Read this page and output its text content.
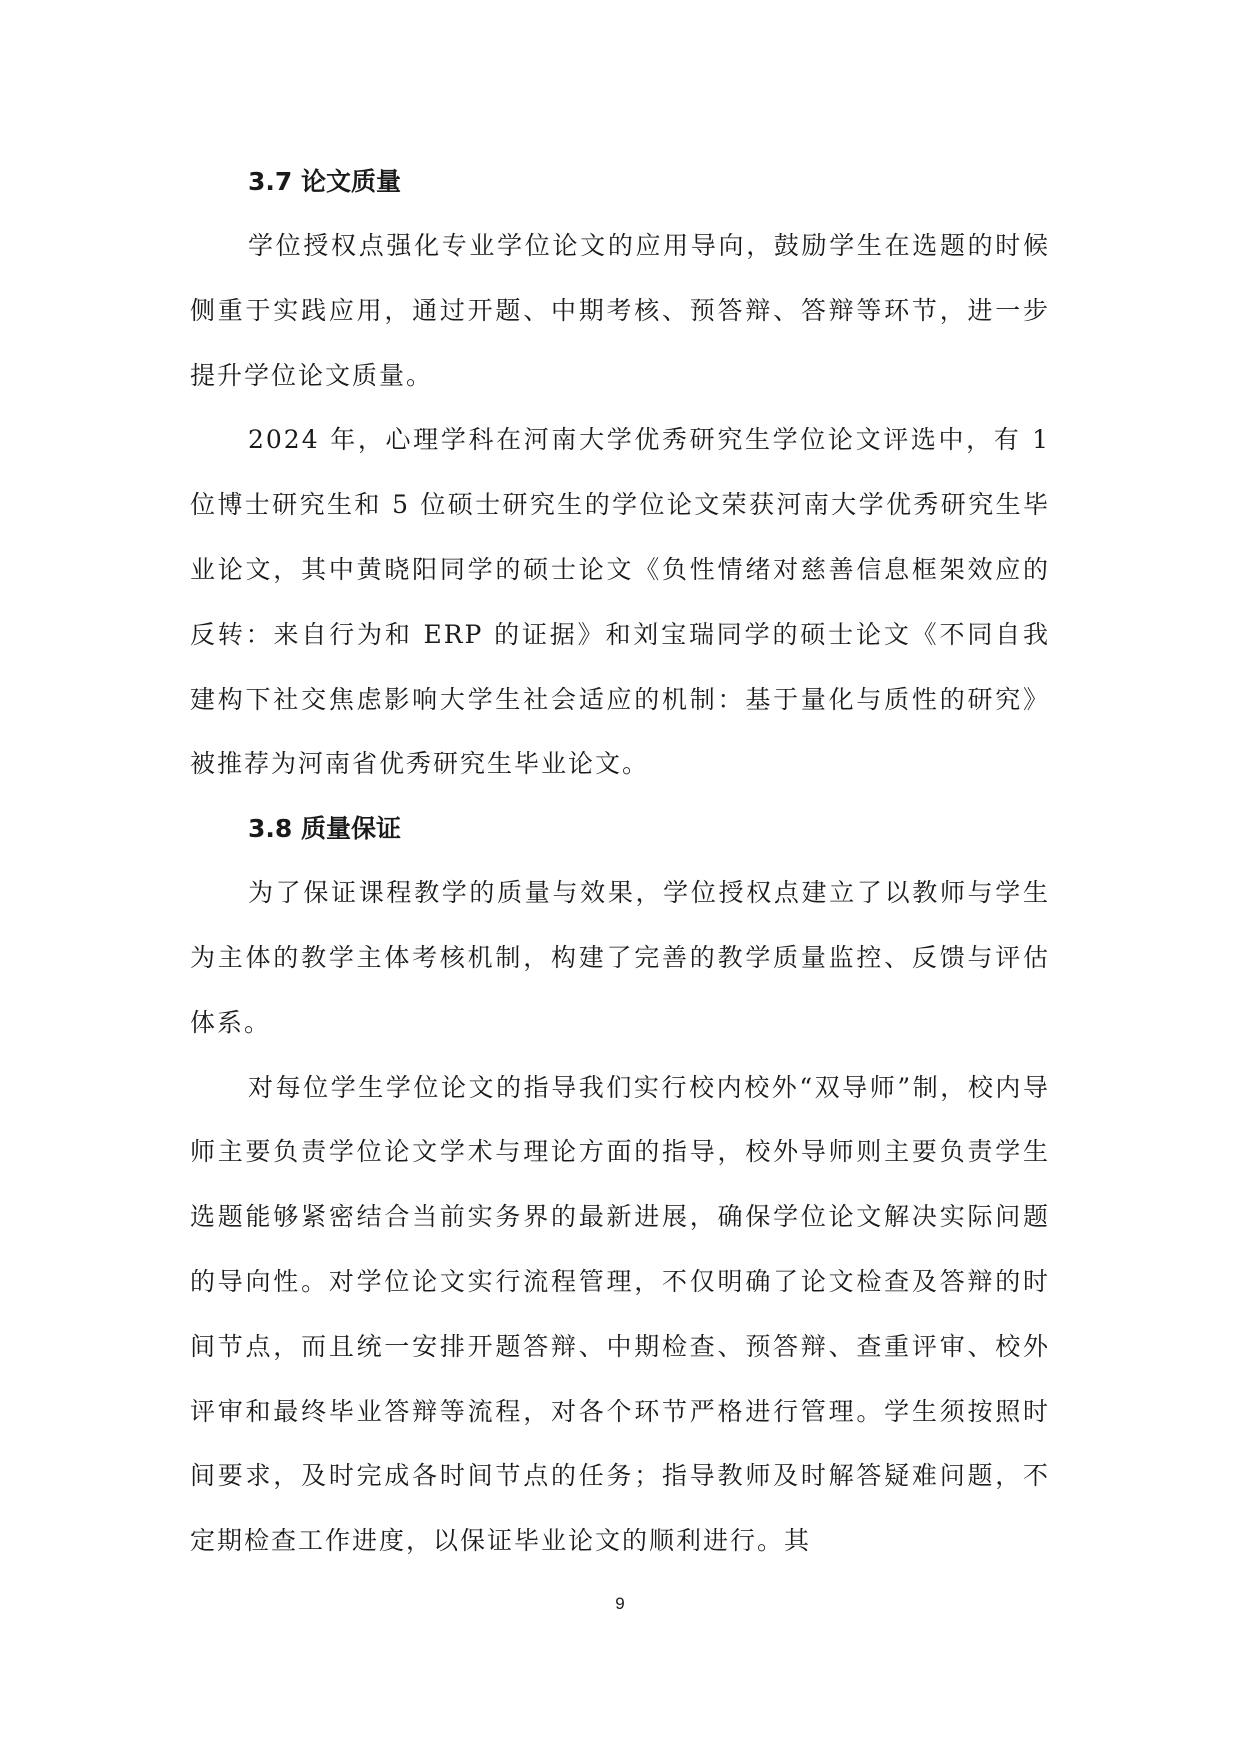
3.7 论文质量

学位授权点强化专业学位论文的应用导向，鼓励学生在选题的时候侧重于实践应用，通过开题、中期考核、预答辩、答辩等环节，进一步提升学位论文质量。

2024 年，心理学科在河南大学优秀研究生学位论文评选中，有 1 位博士研究生和 5 位硕士研究生的学位论文荣获河南大学优秀研究生毕业论文，其中黄晓阳同学的硕士论文《负性情绪对慈善信息框架效应的反转：来自行为和 ERP 的证据》和刘宝瑞同学的硕士论文《不同自我建构下社交焦虑影响大学生社会适应的机制：基于量化与质性的研究》被推荐为河南省优秀研究生毕业论文。

3.8 质量保证

为了保证课程教学的质量与效果，学位授权点建立了以教师与学生为主体的教学主体考核机制，构建了完善的教学质量监控、反馈与评估体系。

对每位学生学位论文的指导我们实行校内校外“双导师”制，校内导师主要负责学位论文学术与理论方面的指导，校外导师则主要负责学生选题能够紧密结合当前实务界的最新进展，确保学位论文解决实际问题的导向性。对学位论文实行流程管理，不仅明确了论文检查及答辩的时间节点，而且统一安排开题答辩、中期检查、预答辩、查重评审、校外评审和最终毕业答辩等流程，对各个环节严格进行管理。学生须按照时间要求，及时完成各时间节点的任务；指导教师及时解答疑难问题，不定期检查工作进度，以保证毕业论文的顺利进行。其

9
